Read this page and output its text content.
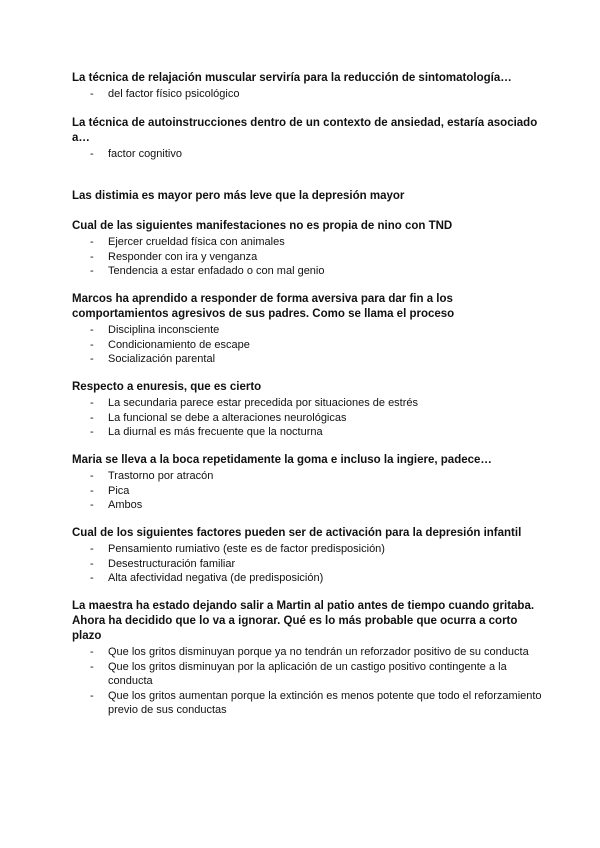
La técnica de relajación muscular serviría para la reducción de sintomatología…

- del factor físico psicológico

La técnica de autoinstrucciones dentro de un contexto de ansiedad, estaría asociado a…

- factor cognitivo

Las distimia es mayor pero más leve que la depresión mayor

Cual de las siguientes manifestaciones no es propia de nino con TND

- Ejercer crueldad física con animales
- Responder con ira y venganza
- Tendencia a estar enfadado o con mal genio

Marcos ha aprendido a responder de forma aversiva para dar fin a los comportamientos agresivos de sus padres. Como se llama el proceso

- Disciplina inconsciente
- Condicionamiento de escape
- Socialización parental

Respecto a enuresis, que es cierto

- La secundaria parece estar precedida por situaciones de estrés
- La funcional se debe a alteraciones neurológicas
- La diurnal es más frecuente que la nocturna

Maria se lleva a la boca repetidamente la goma e incluso la ingiere, padece…

- Trastorno por atracón
- Pica
- Ambos

Cual de los siguientes factores pueden ser de activación para la depresión infantil

- Pensamiento rumiativo (este es de factor predisposición)
- Desestructuración familiar
- Alta afectividad negativa (de predisposición)

La maestra ha estado dejando salir a Martin al patio antes de tiempo cuando gritaba. Ahora ha decidido que lo va a ignorar. Qué es lo más probable que ocurra a corto plazo

- Que los gritos disminuyan porque ya no tendrán un reforzador positivo de su conducta
- Que los gritos disminuyan por la aplicación de un castigo positivo contingente a la conducta
- Que los gritos aumentan porque la extinción es menos potente que todo el reforzamiento previo de sus conductas
